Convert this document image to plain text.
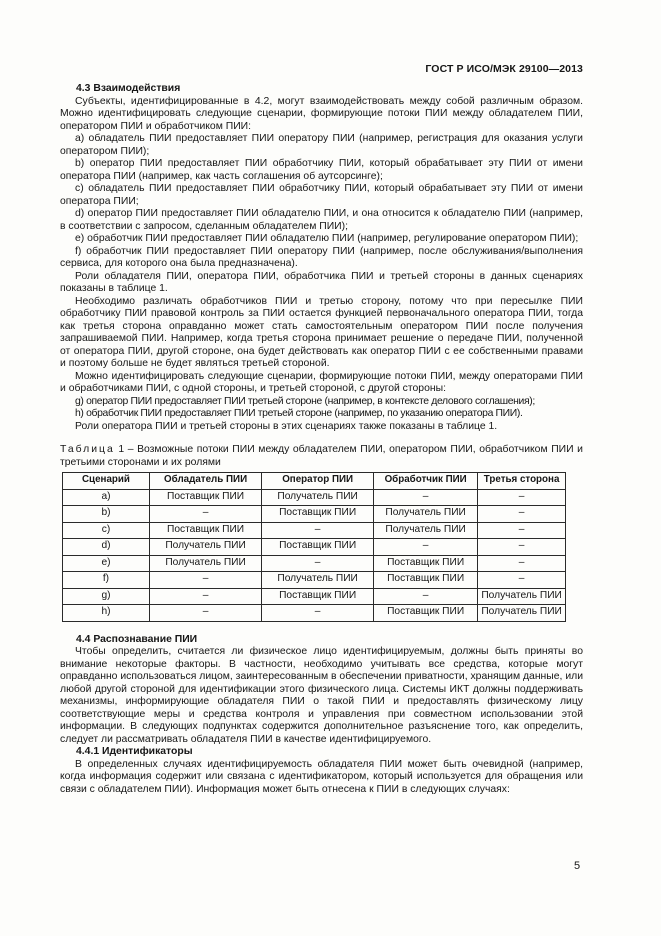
ГОСТ Р ИСО/МЭК 29100—2013

4.3 Взаимодействия

Субъекты, идентифицированные в 4.2, могут взаимодействовать между собой различным образом. Можно идентифицировать следующие сценарии, формирующие потоки ПИИ между обладателем ПИИ, оператором ПИИ и обработчиком ПИИ:

a) обладатель ПИИ предоставляет ПИИ оператору ПИИ (например, регистрация для оказания услуги оператором ПИИ);

b) оператор ПИИ предоставляет ПИИ обработчику ПИИ, который обрабатывает эту ПИИ от имени оператора ПИИ (например, как часть соглашения об аутсорсинге);

c) обладатель ПИИ предоставляет ПИИ обработчику ПИИ, который обрабатывает эту ПИИ от имени оператора ПИИ;

d) оператор ПИИ предоставляет ПИИ обладателю ПИИ, и она относится к обладателю ПИИ (например, в соответствии с запросом, сделанным обладателем ПИИ);

e) обработчик ПИИ предоставляет ПИИ обладателю ПИИ (например, регулирование оператором ПИИ);

f) обработчик ПИИ предоставляет ПИИ оператору ПИИ (например, после обслуживания/выполнения сервиса, для которого она была предназначена).

Роли обладателя ПИИ, оператора ПИИ, обработчика ПИИ и третьей стороны в данных сценариях показаны в таблице 1.

Необходимо различать обработчиков ПИИ и третью сторону, потому что при пересылке ПИИ обработчику ПИИ правовой контроль за ПИИ остается функцией первоначального оператора ПИИ, тогда как третья сторона оправданно может стать самостоятельным оператором ПИИ после получения запрашиваемой ПИИ. Например, когда третья сторона принимает решение о передаче ПИИ, полученной от оператора ПИИ, другой стороне, она будет действовать как оператор ПИИ с ее собственными правами и поэтому больше не будет являться третьей стороной.

Можно идентифицировать следующие сценарии, формирующие потоки ПИИ, между операторами ПИИ и обработчиками ПИИ, с одной стороны, и третьей стороной, с другой стороны:

g) оператор ПИИ предоставляет ПИИ третьей стороне (например, в контексте делового соглашения);

h) обработчик ПИИ предоставляет ПИИ третьей стороне (например, по указанию оператора ПИИ).

Роли оператора ПИИ и третьей стороны в этих сценариях также показаны в таблице 1.

Таблица 1 – Возможные потоки ПИИ между обладателем ПИИ, оператором ПИИ, обработчиком ПИИ и третьими сторонами и их ролями

Сценарий	Обладатель ПИИ	Оператор ПИИ	Обработчик ПИИ	Третья сторона
a)	Поставщик ПИИ	Получатель ПИИ	–	–
b)	–	Поставщик ПИИ	Получатель ПИИ	–
c)	Поставщик ПИИ	–	Получатель ПИИ	–
d)	Получатель ПИИ	Поставщик ПИИ	–	–
e)	Получатель ПИИ	–	Поставщик ПИИ	–
f)	–	Получатель ПИИ	Поставщик ПИИ	–
g)	–	Поставщик ПИИ	–	Получатель ПИИ
h)	–	–	Поставщик ПИИ	Получатель ПИИ

4.4 Распознавание ПИИ

Чтобы определить, считается ли физическое лицо идентифицируемым, должны быть приняты во внимание некоторые факторы. В частности, необходимо учитывать все средства, которые могут оправданно использоваться лицом, заинтересованным в обеспечении приватности, хранящим данные, или любой другой стороной для идентификации этого физического лица. Системы ИКТ должны поддерживать механизмы, информирующие обладателя ПИИ о такой ПИИ и предоставлять физическому лицу соответствующие меры и средства контроля и управления при совместном использовании этой информации. В следующих подпунктах содержится дополнительное разъяснение того, как определить, следует ли рассматривать обладателя ПИИ в качестве идентифицируемого.

4.4.1 Идентификаторы

В определенных случаях идентифицируемость обладателя ПИИ может быть очевидной (например, когда информация содержит или связана с идентификатором, который используется для обращения или связи с обладателем ПИИ). Информация может быть отнесена к ПИИ в следующих случаях:

5
